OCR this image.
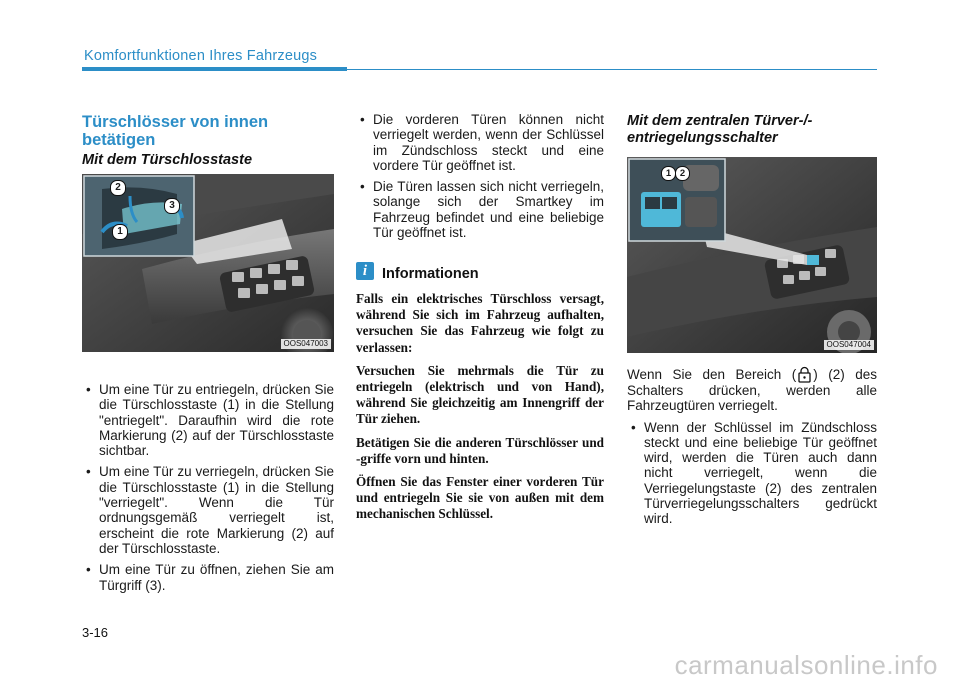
Komfortfunktionen Ihres Fahrzeugs
Türschlösser von innen betätigen
Mit dem Türschlosstaste
2
3
1
OOS047003
• Um eine Tür zu entriegeln, drücken Sie die Türschlosstaste (1) in die Stellung "entriegelt". Daraufhin wird die rote Markierung (2) auf der Türschlosstaste sichtbar.
• Um eine Tür zu verriegeln, drücken Sie die Türschlosstaste (1) in die Stellung "verriegelt". Wenn die Tür ordnungsgemäß verriegelt ist, erscheint die rote Markierung (2) auf der Türschlosstaste.
• Um eine Tür zu öffnen, ziehen Sie am Türgriff (3).
• Die vorderen Türen können nicht verriegelt werden, wenn der Schlüssel im Zündschloss steckt und eine vordere Tür geöffnet ist.
• Die Türen lassen sich nicht verriegeln, solange sich der Smartkey im Fahrzeug befindet und eine beliebige Tür geöffnet ist.
i	Informationen

Falls ein elektrisches Türschloss versagt, während Sie sich im Fahrzeug aufhalten, versuchen Sie das Fahrzeug wie folgt zu verlassen:

Versuchen Sie mehrmals die Tür zu entriegeln (elektrisch und von Hand), während Sie gleichzeitig am Innengriff der Tür ziehen.

Betätigen Sie die anderen Türschlösser und -griffe vorn und hinten.

Öffnen Sie das Fenster einer vorderen Tür und entriegeln Sie sie von außen mit dem mechanischen Schlüssel.

Mit dem zentralen Türver-/-entriegelungsschalter
1 2
OOS047004

Wenn Sie den Bereich ( ) (2) des Schalters drücken, werden alle Fahrzeugtüren verriegelt.

• Wenn der Schlüssel im Zündschloss steckt und eine beliebige Tür geöffnet wird, werden die Türen auch dann nicht verriegelt, wenn die Verriegelungstaste (2) des zentralen Türverriegelungsschalters gedrückt wird.
3-16
carmanualsonline.info
